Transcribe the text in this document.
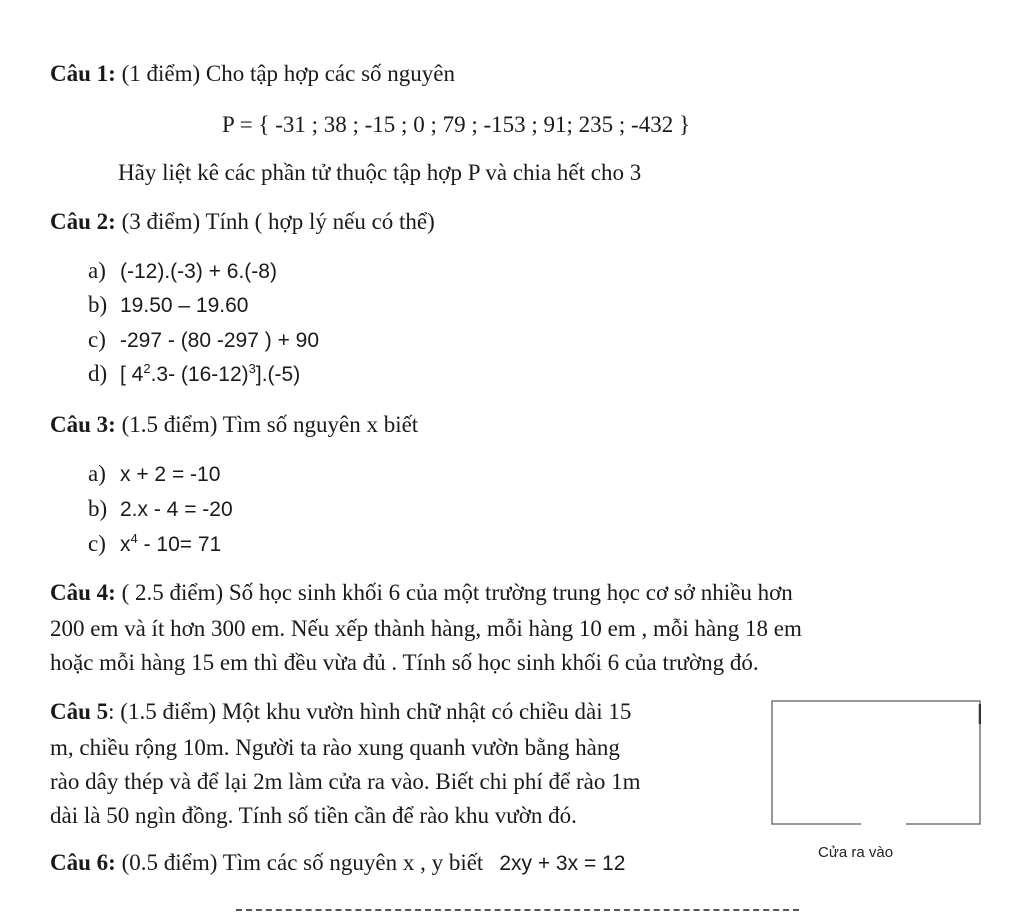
Câu 1: (1 điểm) Cho tập hợp các số nguyên
P = { -31 ; 38 ; -15 ; 0 ; 79 ; -153 ; 91; 235 ; -432 }
Hãy liệt kê các phần tử thuộc tập hợp P và chia hết cho 3
Câu 2: (3 điểm) Tính ( hợp lý nếu có thể)
a) (-12).(-3) + 6.(-8)
b) 19.50 – 19.60
c) -297 - (80 -297 ) + 90
d) [ $4^2.3-$ $(16-12)^3].(-5)$
Câu 3: (1.5 điểm) Tìm số nguyên x biết
a) x + 2 = -10
b) 2.x - 4 = -20
c) $x^4 - 10= 71$
Câu 4: ( 2.5 điểm) Số học sinh khối 6 của một trường trung học cơ sở nhiều hơn
200 em và ít hơn 300 em. Nếu xếp thành hàng, mỗi hàng 10 em , mỗi hàng 18 em
hoặc mỗi hàng 15 em thì đều vừa đủ . Tính số học sinh khối 6 của trường đó.
Câu 5: (1.5 điểm) Một khu vườn hình chữ nhật có chiều dài 15
m, chiều rộng 10m. Người ta rào xung quanh vườn bằng hàng
rào dây thép và để lại 2m làm cửa ra vào. Biết chi phí để rào 1m
dài là 50 ngìn đồng. Tính số tiền cần để rào khu vườn đó.
Cửa ra vào
Câu 6: (0.5 điểm) Tìm các số nguyên x , y biết 2xy + 3x = 12
